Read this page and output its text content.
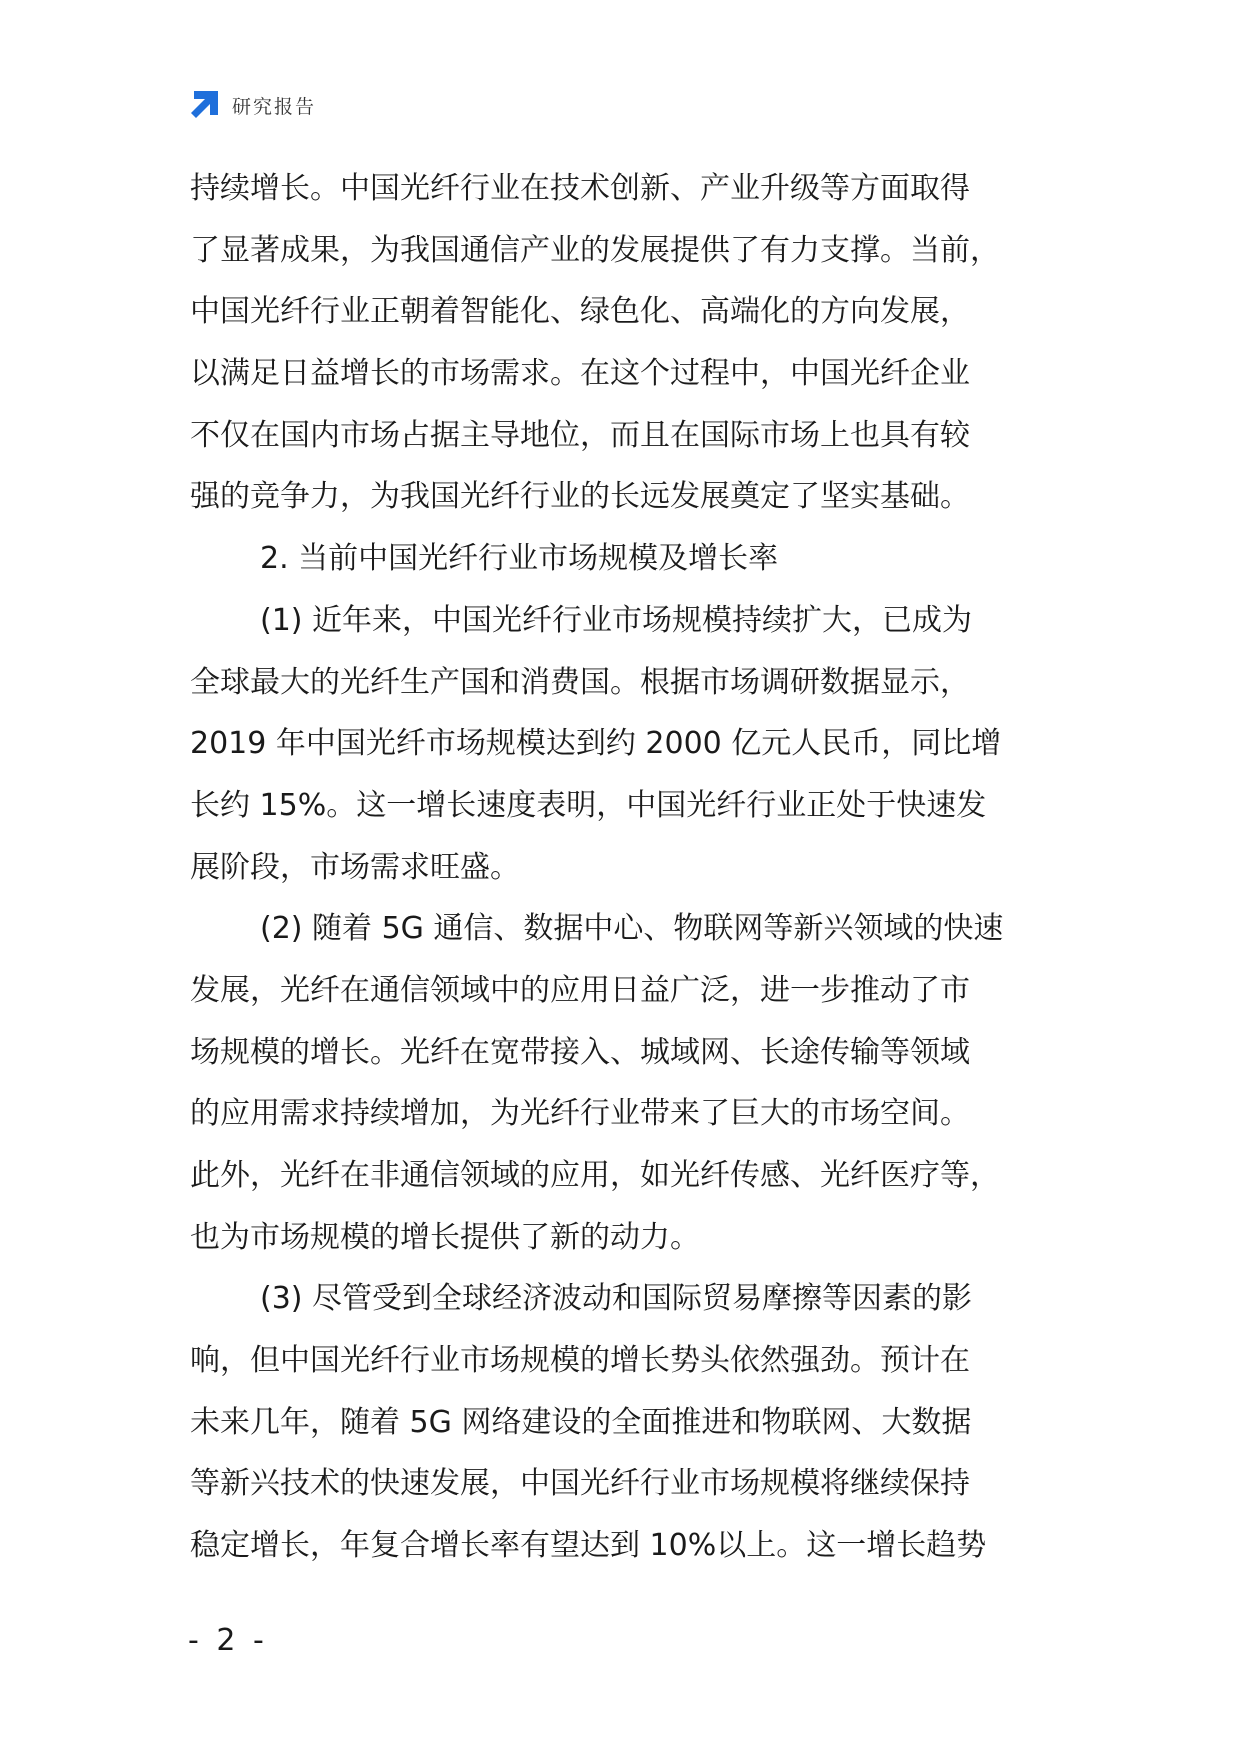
研究报告
持续增长。中国光纤行业在技术创新、产业升级等方面取得
了显著成果，为我国通信产业的发展提供了有力支撑。当前，
中国光纤行业正朝着智能化、绿色化、高端化的方向发展，
以满足日益增长的市场需求。在这个过程中，中国光纤企业
不仅在国内市场占据主导地位，而且在国际市场上也具有较
强的竞争力，为我国光纤行业的长远发展奠定了坚实基础。
2. 当前中国光纤行业市场规模及增长率
(1) 近年来，中国光纤行业市场规模持续扩大，已成为
全球最大的光纤生产国和消费国。根据市场调研数据显示，
2019 年中国光纤市场规模达到约 2000 亿元人民币，同比增
长约 15%。这一增长速度表明，中国光纤行业正处于快速发
展阶段，市场需求旺盛。
(2) 随着 5G 通信、数据中心、物联网等新兴领域的快速
发展，光纤在通信领域中的应用日益广泛，进一步推动了市
场规模的增长。光纤在宽带接入、城域网、长途传输等领域
的应用需求持续增加，为光纤行业带来了巨大的市场空间。
此外，光纤在非通信领域的应用，如光纤传感、光纤医疗等，
也为市场规模的增长提供了新的动力。
(3) 尽管受到全球经济波动和国际贸易摩擦等因素的影
响，但中国光纤行业市场规模的增长势头依然强劲。预计在
未来几年，随着 5G 网络建设的全面推进和物联网、大数据
等新兴技术的快速发展，中国光纤行业市场规模将继续保持
稳定增长，年复合增长率有望达到 10%以上。这一增长趋势
- 2 -
